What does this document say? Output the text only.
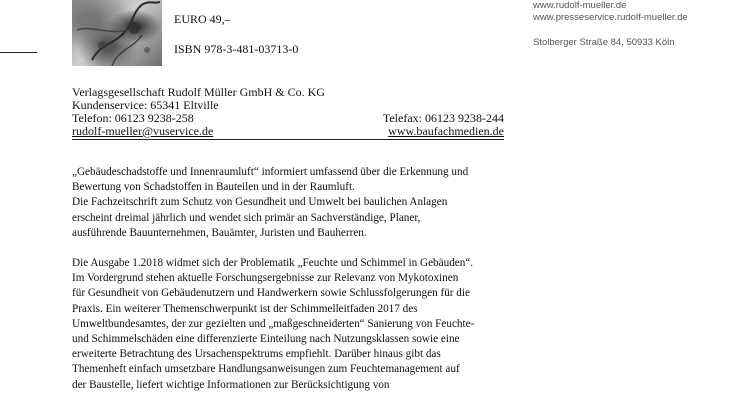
EURO 49,–
ISBN 978-3-481-03713-0
www.rudolf-mueller.de
www.presseservice.rudolf-mueller.de
Stolberger Straße 84, 50933 Köln
Verlagsgesellschaft Rudolf Müller GmbH & Co. KG
Kundenservice: 65341 Eltville
Telefon: 06123 9238-258	Telefax: 06123 9238-244
rudolf-mueller@vuservice.de	www.baufachmedien.de

„Gebäudeschadstoffe und Innenraumluft“ informiert umfassend über die Erkennung und
Bewertung von Schadstoffen in Bauteilen und in der Raumluft.
Die Fachzeitschrift zum Schutz von Gesundheit und Umwelt bei baulichen Anlagen
erscheint dreimal jährlich und wendet sich primär an Sachverständige, Planer,
ausführende Bauunternehmen, Bauämter, Juristen und Bauherren.

Die Ausgabe 1.2018 widmet sich der Problematik „Feuchte und Schimmel in Gebäuden“.
Im Vordergrund stehen aktuelle Forschungsergebnisse zur Relevanz von Mykotoxinen
für Gesundheit von Gebäudenutzern und Handwerkern sowie Schlussfolgerungen für die
Praxis. Ein weiterer Themenschwerpunkt ist der Schimmelleitfaden 2017 des
Umweltbundesamtes, der zur gezielten und „maßgeschneiderten“ Sanierung von Feuchte-
und Schimmelschäden eine differenzierte Einteilung nach Nutzungsklassen sowie eine
erweiterte Betrachtung des Ursachenspektrums empfiehlt. Darüber hinaus gibt das
Themenheft einfach umsetzbare Handlungsanweisungen zum Feuchtemanagement auf
der Baustelle, liefert wichtige Informationen zur Berücksichtigung von
